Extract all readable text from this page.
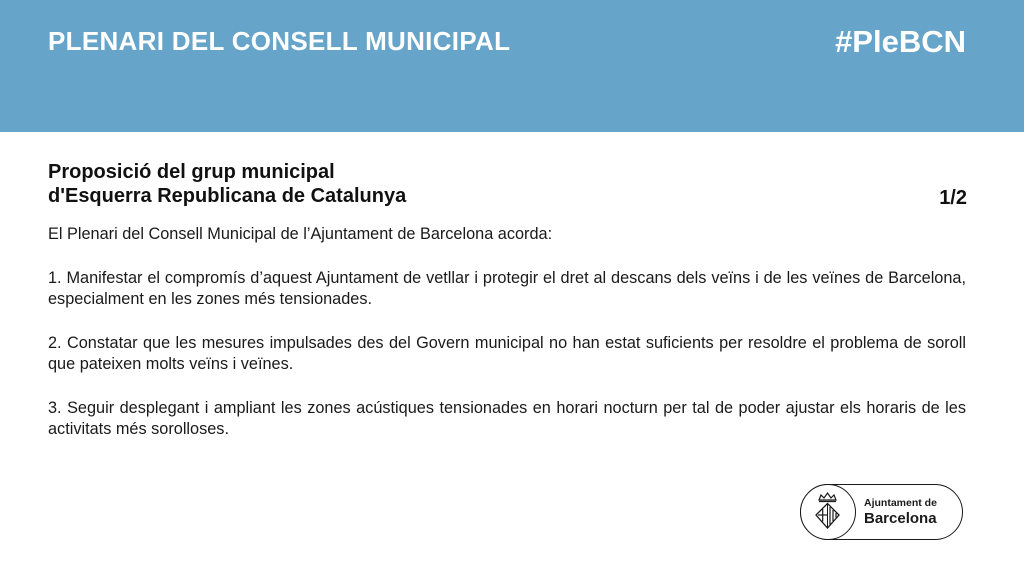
PLENARI DEL CONSELL MUNICIPAL	#PleBCN
Proposició del grup municipal
d'Esquerra Republicana de Catalunya	1/2

El Plenari del Consell Municipal de l’Ajuntament de Barcelona acorda:

1. Manifestar el compromís d’aquest Ajuntament de vetllar i protegir el dret al descans dels veïns i de les veïnes de Barcelona, especialment en les zones més tensionades.

2. Constatar que les mesures impulsades des del Govern municipal no han estat suficients per resoldre el problema de soroll que pateixen molts veïns i veïnes.

3. Seguir desplegant i ampliant les zones acústiques tensionades en horari nocturn per tal de poder ajustar els horaris de les activitats més sorolloses.

Ajuntament de
Barcelona
